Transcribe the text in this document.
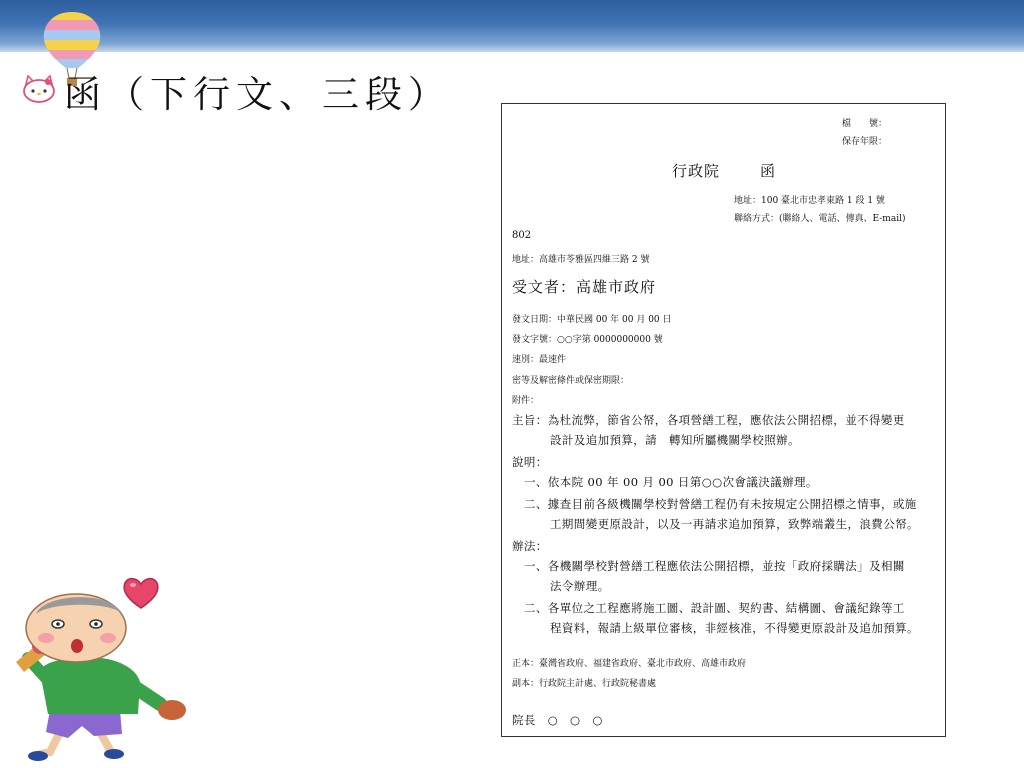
函（下行文、三段）
檔　　號：
保存年限：
行政院	函
地址：100 臺北市忠孝東路 1 段 1 號
聯絡方式：(聯絡人、電話、傳真、E-mail)
802
地址：高雄市苓雅區四維三路 2 號
受文者：高雄市政府
發文日期：中華民國 00 年 00 月 00 日
發文字號：○○字第 0000000000 號
速別：最速件
密等及解密條件或保密期限：
附件：
主旨：為杜流弊，節省公帑，各項營繕工程，應依法公開招標，並不得變更
設計及追加預算，請　轉知所屬機關學校照辦。
說明：
一、依本院 00 年 00 月 00 日第○○次會議決議辦理。
二、據查目前各級機關學校對營繕工程仍有未按規定公開招標之情事，或施
工期間變更原設計，以及一再請求追加預算，致弊端叢生，浪費公帑。
辦法：
一、各機關學校對營繕工程應依法公開招標，並按「政府採購法」及相關
法令辦理。
二、各單位之工程應將施工圖、設計圖、契約書、結構圖、會議紀錄等工
程資料，報請上級單位審核，非經核准，不得變更原設計及追加預算。
正本：臺灣省政府、福建省政府、臺北市政府、高雄市政府
副本：行政院主計處、行政院秘書處
院長　○　○　○
